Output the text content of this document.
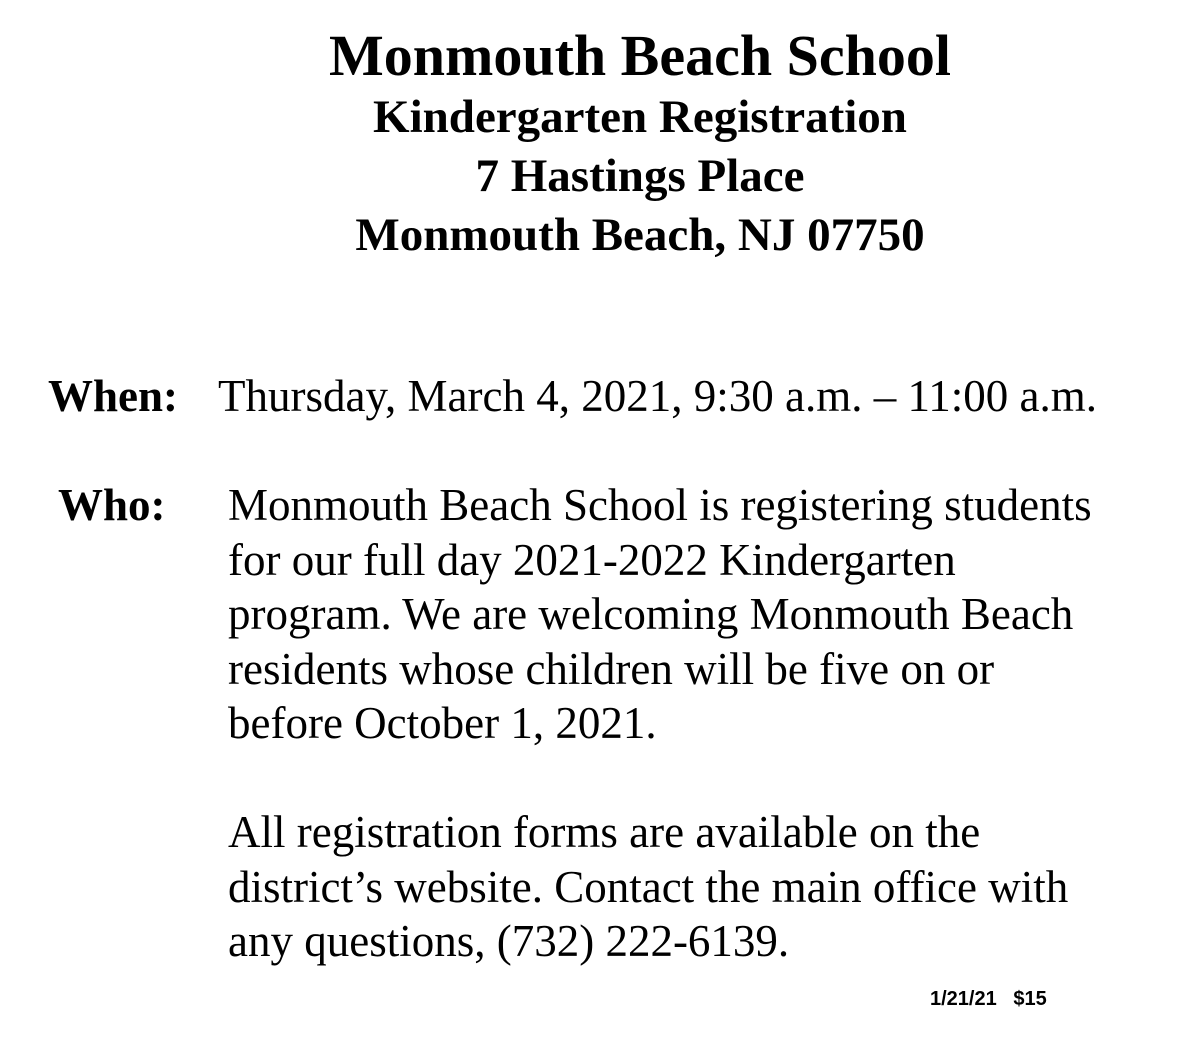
Monmouth Beach School
Kindergarten Registration
7 Hastings Place
Monmouth Beach, NJ 07750
When: Thursday, March 4, 2021, 9:30 a.m. – 11:00 a.m.
Who: Monmouth Beach School is registering students
for our full day 2021-2022 Kindergarten
program. We are welcoming Monmouth Beach
residents whose children will be five on or
before October 1, 2021.
All registration forms are available on the
district’s website. Contact the main office with
any questions, (732) 222-6139.
1/21/21 $15
